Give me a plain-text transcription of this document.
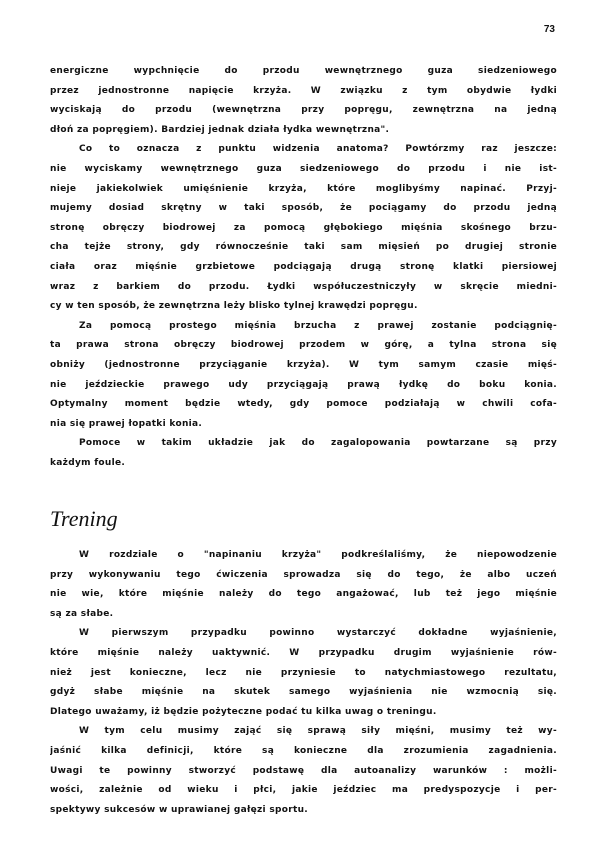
73
energiczne wypchnięcie do przodu wewnętrznego guza siedzeniowego
przez jednostronne napięcie krzyża. W związku z tym obydwie łydki
wyciskają do przodu (wewnętrzna przy popręgu, zewnętrzna na jedną
dłoń za popręgiem). Bardziej jednak działa łydka wewnętrzna".
Co to oznacza z punktu widzenia anatoma? Powtórzmy raz jeszcze:
nie wyciskamy wewnętrznego guza siedzeniowego do przodu i nie ist-
nieje jakiekolwiek umięśnienie krzyża, które moglibyśmy napinać. Przyj-
mujemy dosiad skrętny w taki sposób, że pociągamy do przodu jedną
stronę obręczy biodrowej za pomocą głębokiego mięśnia skośnego brzu-
cha tejże strony, gdy równocześnie taki sam mięsień po drugiej stronie
ciała oraz mięśnie grzbietowe podciągają drugą stronę klatki piersiowej
wraz z barkiem do przodu. Łydki współuczestniczyły w skręcie miedni-
cy w ten sposób, że zewnętrzna leży blisko tylnej krawędzi popręgu.
Za pomocą prostego mięśnia brzucha z prawej zostanie podciągnię-
ta prawa strona obręczy biodrowej przodem w górę, a tylna strona się
obniży (jednostronne przyciąganie krzyża). W tym samym czasie mięś-
nie jeździeckie prawego udy przyciągają prawą łydkę do boku konia.
Optymalny moment będzie wtedy, gdy pomoce podziałają w chwili cofa-
nia się prawej łopatki konia.
Pomoce w takim układzie jak do zagalopowania powtarzane są przy
każdym foule.
Trening
W rozdziale o "napinaniu krzyża" podkreślaliśmy, że niepowodzenie
przy wykonywaniu tego ćwiczenia sprowadza się do tego, że albo uczeń
nie wie, które mięśnie należy do tego angażować, lub też jego mięśnie
są za słabe.
W pierwszym przypadku powinno wystarczyć dokładne wyjaśnienie,
które mięśnie należy uaktywnić. W przypadku drugim wyjaśnienie rów-
nież jest konieczne, lecz nie przyniesie to natychmiastowego rezultatu,
gdyż słabe mięśnie na skutek samego wyjaśnienia nie wzmocnią się.
Dlatego uważamy, iż będzie pożyteczne podać tu kilka uwag o treningu.
W tym celu musimy zająć się sprawą siły mięśni, musimy też wy-
jaśnić kilka definicji, które są konieczne dla zrozumienia zagadnienia.
Uwagi te powinny stworzyć podstawę dla autoanalizy warunków : możli-
wości, zależnie od wieku i płci, jakie jeździec ma predyspozycje i per-
spektywy sukcesów w uprawianej gałęzi sportu.
